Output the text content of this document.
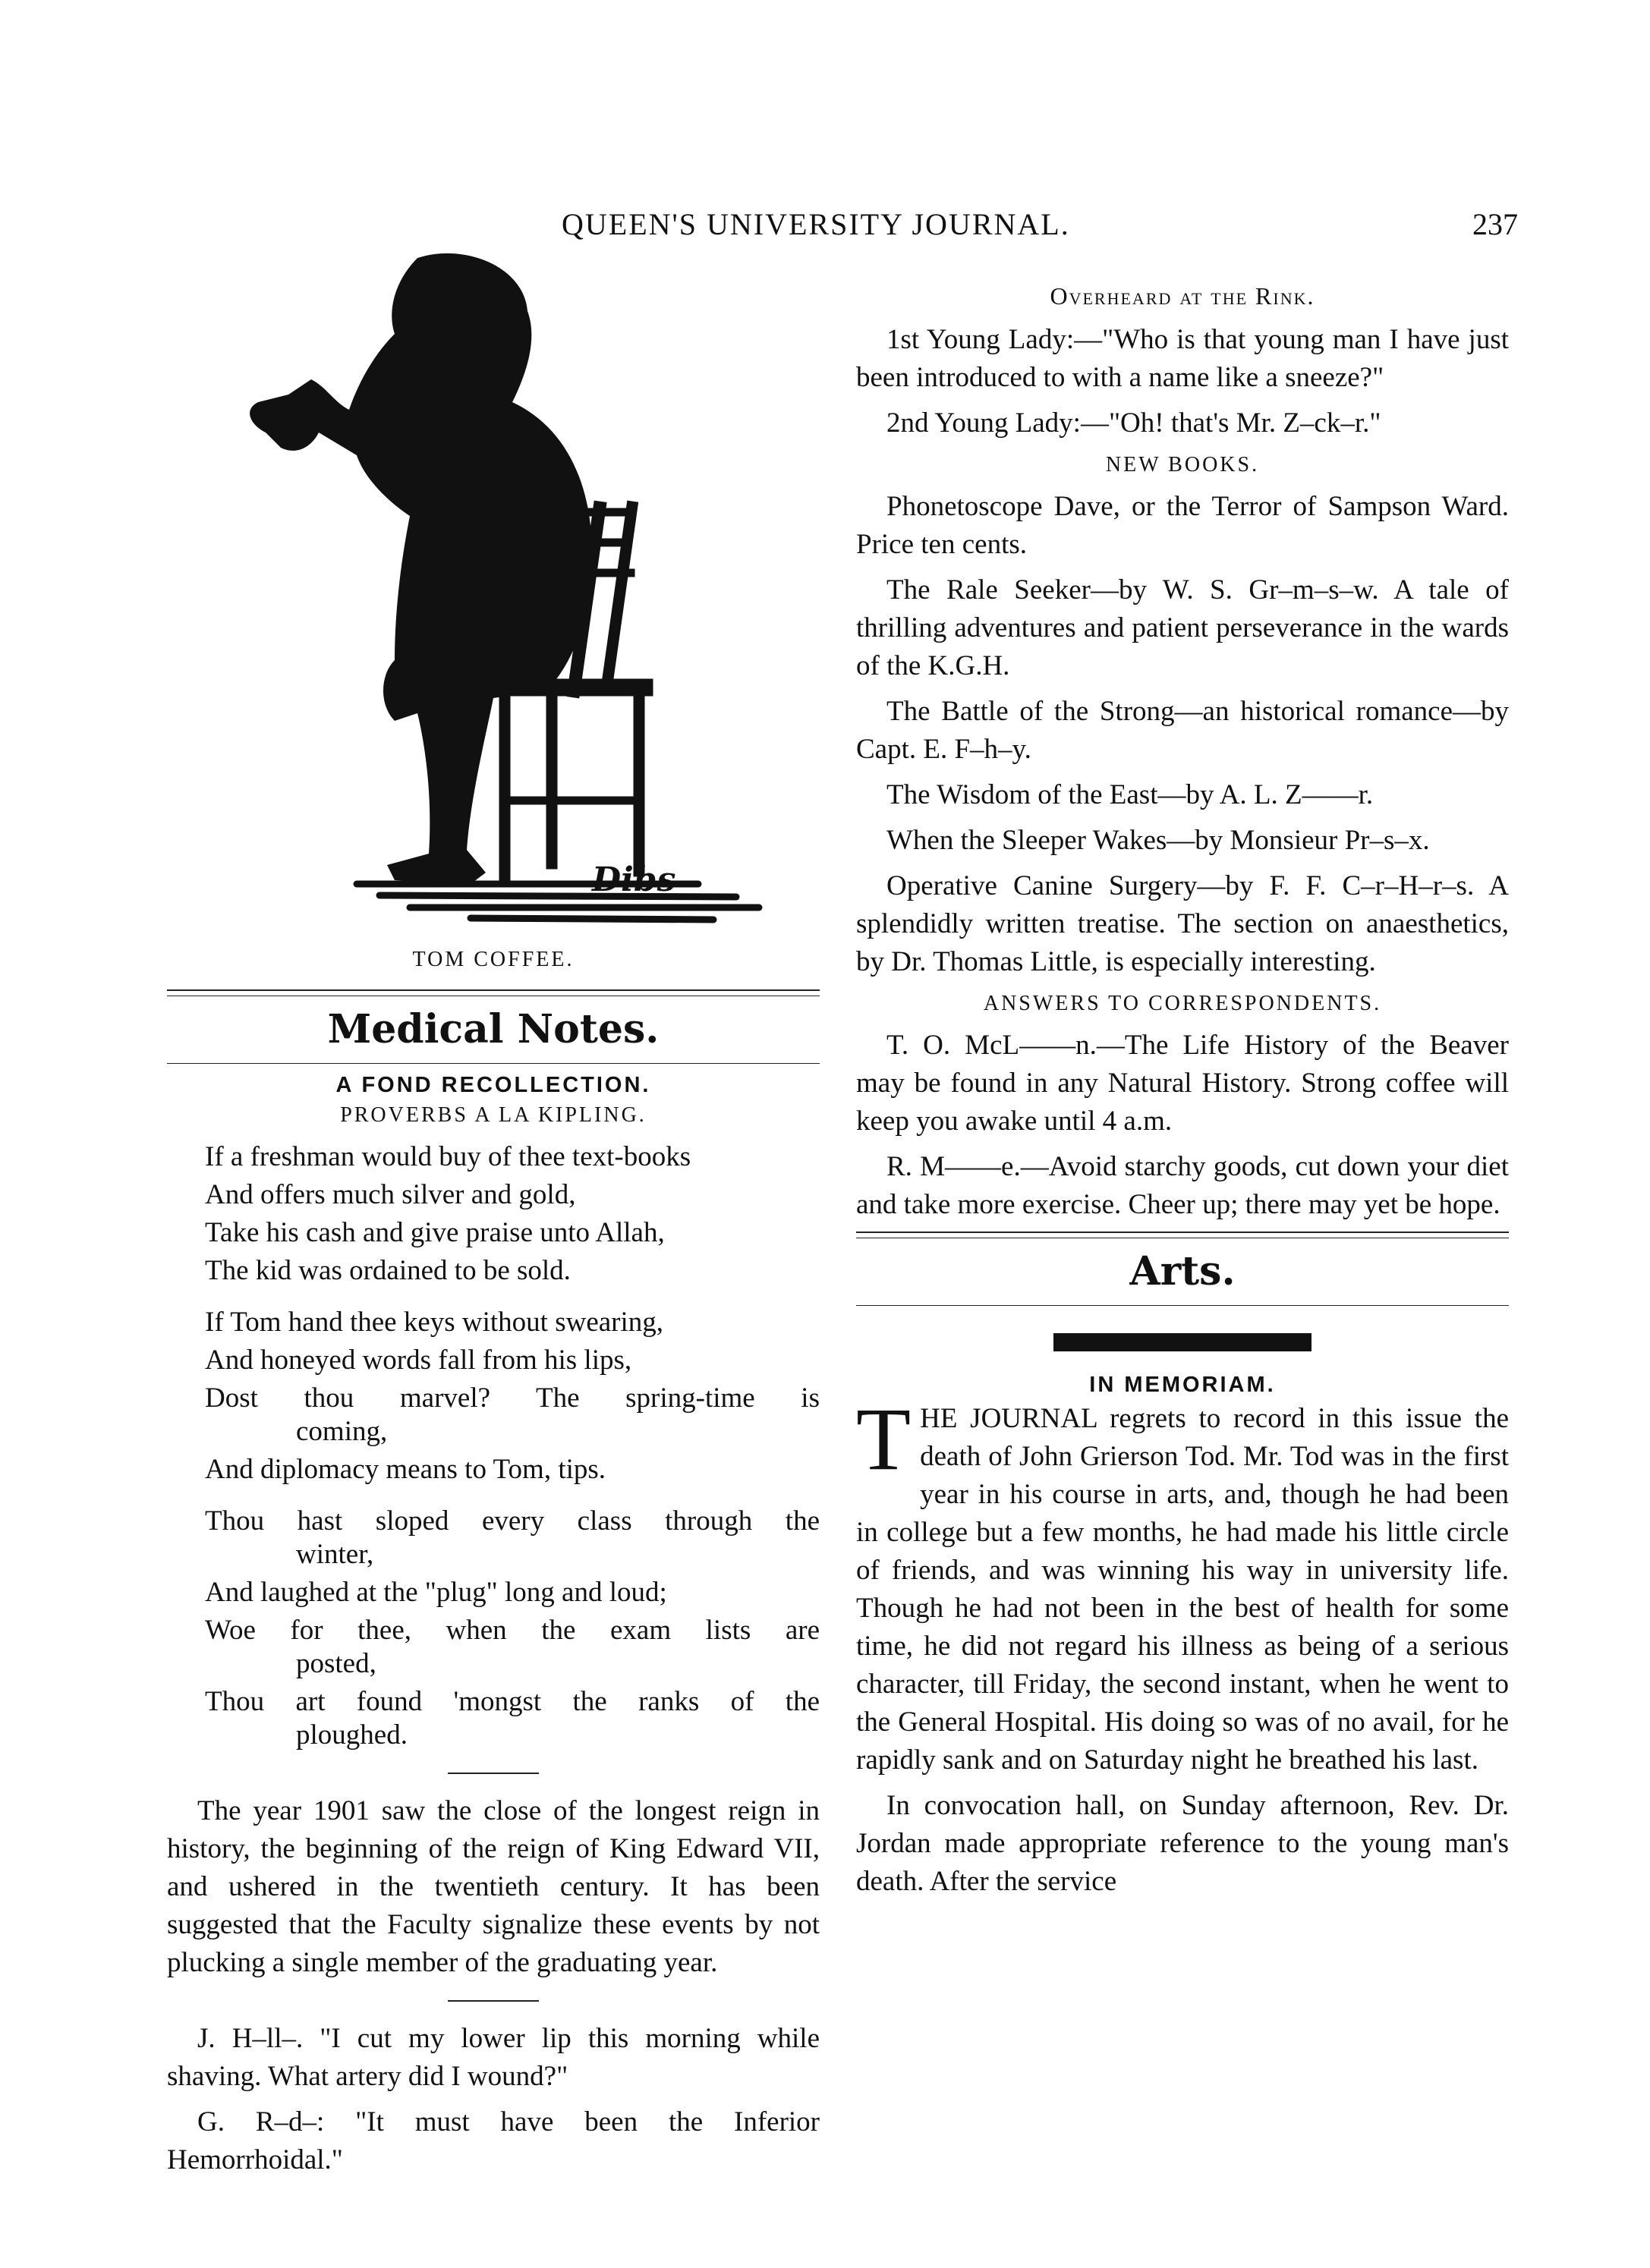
QUEEN'S UNIVERSITY JOURNAL.	237
Dibs
TOM COFFEE.
Medical Notes.
A FOND RECOLLECTION.
PROVERBS A LA KIPLING.
If a freshman would buy of thee text-books
And offers much silver and gold,
Take his cash and give praise unto Allah,
The kid was ordained to be sold.
If Tom hand thee keys without swearing,
And honeyed words fall from his lips,
Dost thou marvel? The spring-time is
coming,
And diplomacy means to Tom, tips.
Thou hast sloped every class through the
winter,
And laughed at the "plug" long and loud;
Woe for thee, when the exam lists are
posted,
Thou art found 'mongst the ranks of the
ploughed.

The year 1901 saw the close of the longest reign in history, the beginning of the reign of King Edward VII, and ushered in the twentieth century. It has been suggested that the Faculty signalize these events by not plucking a single member of the graduating year.

J. H–ll–. "I cut my lower lip this morning while shaving. What artery did I wound?"

G. R–d–: "It must have been the Inferior Hemorrhoidal."

Overheard at the Rink.

1st Young Lady:—"Who is that young man I have just been introduced to with a name like a sneeze?"

2nd Young Lady:—"Oh! that's Mr. Z–ck–r."

NEW BOOKS.

Phonetoscope Dave, or the Terror of Sampson Ward. Price ten cents.

The Rale Seeker—by W. S. Gr–m–s–w. A tale of thrilling adventures and patient perseverance in the wards of the K.G.H.

The Battle of the Strong—an historical romance—by Capt. E. F–h–y.

The Wisdom of the East—by A. L. Z——r.

When the Sleeper Wakes—by Monsieur Pr–s–x.

Operative Canine Surgery—by F. F. C–r–H–r–s. A splendidly written treatise. The section on anaesthetics, by Dr. Thomas Little, is especially interesting.

ANSWERS TO CORRESPONDENTS.

T. O. McL——n.—The Life History of the Beaver may be found in any Natural History. Strong coffee will keep you awake until 4 a.m.

R. M——e.—Avoid starchy goods, cut down your diet and take more exercise. Cheer up; there may yet be hope.

Arts.
IN MEMORIAM.

THE JOURNAL regrets to record in this issue the death of John Grierson Tod. Mr. Tod was in the first year in his course in arts, and, though he had been in college but a few months, he had made his little circle of friends, and was winning his way in university life. Though he had not been in the best of health for some time, he did not regard his illness as being of a serious character, till Friday, the second instant, when he went to the General Hospital. His doing so was of no avail, for he rapidly sank and on Saturday night he breathed his last.

In convocation hall, on Sunday afternoon, Rev. Dr. Jordan made appropriate reference to the young man's death. After the service
